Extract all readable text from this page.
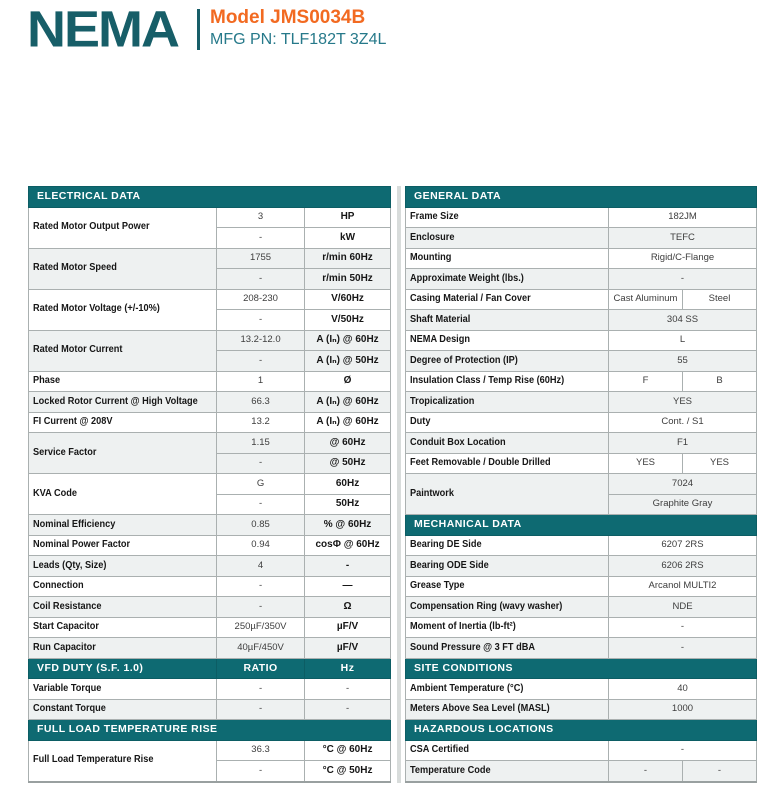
NEMA Model JMS0034B
MFG PN: TLF182T 3Z4L
ELECTRICAL DATA		
Rated Motor Output Power	3	HP
	-	kW
Rated Motor Speed	1755	r/min 60Hz
	-	r/min 50Hz
Rated Motor Voltage (+/-10%)	208-230	V/60Hz
	-	V/50Hz
Rated Motor Current	13.2-12.0	A (Iₙ) @ 60Hz
	-	A (Iₙ) @ 50Hz
Phase	1	Ø
Locked Rotor Current @ High Voltage	66.3	A (Iₙ) @ 60Hz
FI Current @ 208V	13.2	A (Iₙ) @ 60Hz
Service Factor	1.15	@ 60Hz
	-	@ 50Hz
KVA Code	G	60Hz
	-	50Hz
Nominal Efficiency	0.85	% @ 60Hz
Nominal Power Factor	0.94	cosΦ @ 60Hz
Leads (Qty, Size)	4	-
Connection	-	—
Coil Resistance	-	Ω
Start Capacitor	250µF/350V	µF/V
Run Capacitor	40µF/450V	µF/V
VFD DUTY (S.F. 1.0)	RATIO	Hz
Variable Torque	-	-
Constant Torque	-	-
FULL LOAD TEMPERATURE RISE		
Full Load Temperature Rise	36.3	°C @ 60Hz
	-	°C @ 50Hz
GENERAL DATA		
Frame Size	182JM	
Enclosure	TEFC	
Mounting	Rigid/C-Flange	
Approximate Weight (lbs.)	-	
Casing Material / Fan Cover	Cast Aluminum	Steel
Shaft Material	304 SS	
NEMA Design	L	
Degree of Protection (IP)	55	
Insulation Class / Temp Rise (60Hz)	F	B
Tropicalization	YES	
Duty	Cont. / S1	
Conduit Box Location	F1	
Feet Removable / Double Drilled	YES	YES
Paintwork	7024	
	Graphite Gray	
MECHANICAL DATA		
Bearing DE Side	6207 2RS	
Bearing ODE Side	6206 2RS	
Grease Type	Arcanol MULTI2	
Compensation Ring (wavy washer)	NDE	
Moment of Inertia (lb-ft²)	-	
Sound Pressure @ 3 FT dBA	-	
SITE CONDITIONS		
Ambient Temperature (°C)	40	
Meters Above Sea Level (MASL)	1000	
HAZARDOUS LOCATIONS		
CSA Certified	-	
Temperature Code	-	-
